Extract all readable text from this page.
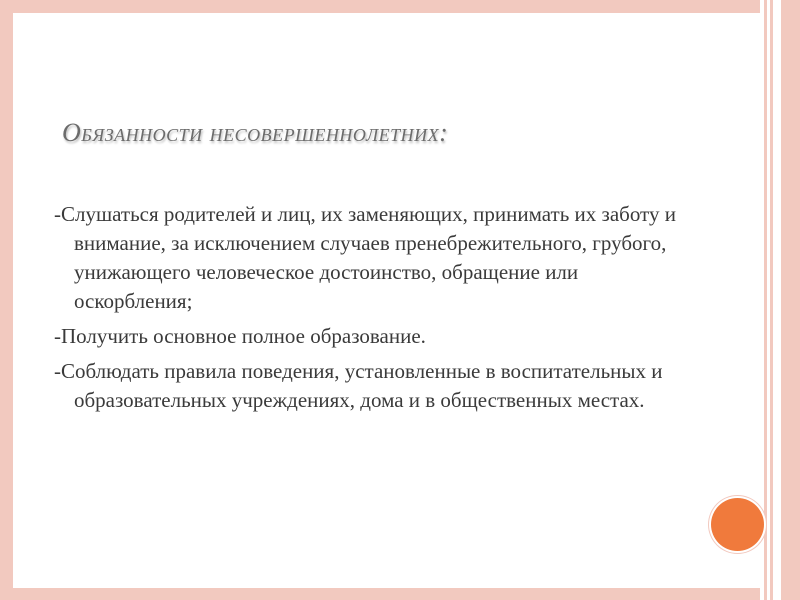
Обязанности несовершеннолетних:

-Слушаться родителей и лиц, их заменяющих, принимать их заботу и внимание, за исключением случаев пренебрежительного, грубого, унижающего человеческое достоинство, обращение или оскорбления;

-Получить основное полное образование.

-Соблюдать правила поведения, установленные в воспитательных и образовательных учреждениях, дома и в общественных местах.
